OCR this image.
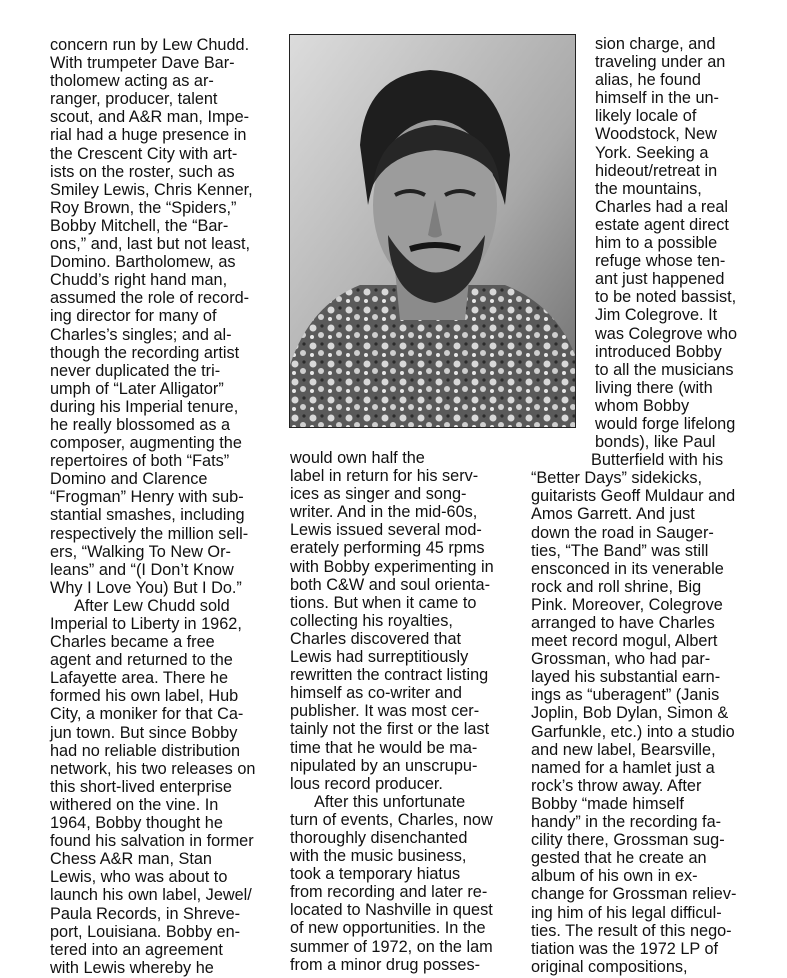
concern run by Lew Chudd.

With trumpeter Dave Bar-

tholomew acting as ar-

ranger, producer, talent

scout, and A&R man, Impe-

rial had a huge presence in

the Crescent City with art-

ists on the roster, such as

Smiley Lewis, Chris Kenner,

Roy Brown, the “Spiders,”

Bobby Mitchell, the “Bar-

ons,” and, last but not least,

Domino. Bartholomew, as

Chudd’s right hand man,

assumed the role of record-

ing director for many of

Charles’s singles; and al-

though the recording artist

never duplicated the tri-

umph of “Later Alligator”

during his Imperial tenure,

he really blossomed as a

composer, augmenting the

repertoires of both “Fats”

Domino and Clarence

“Frogman” Henry with sub-

stantial smashes, including

respectively the million sell-

ers, “Walking To New Or-

leans” and “(I Don’t Know

Why I Love You) But I Do.”

After Lew Chudd sold

Imperial to Liberty in 1962,

Charles became a free

agent and returned to the

Lafayette area. There he

formed his own label, Hub

City, a moniker for that Ca-

jun town. But since Bobby

had no reliable distribution

network, his two releases on

this short-lived enterprise

withered on the vine. In

1964, Bobby thought he

found his salvation in former

Chess A&R man, Stan

Lewis, who was about to

launch his own label, Jewel/

Paula Records, in Shreve-

port, Louisiana. Bobby en-

tered into an agreement

with Lewis whereby he

would own half the

label in return for his serv-

ices as singer and song-

writer. And in the mid-60s,

Lewis issued several mod-

erately performing 45 rpms

with Bobby experimenting in

both C&W and soul orienta-

tions. But when it came to

collecting his royalties,

Charles discovered that

Lewis had surreptitiously

rewritten the contract listing

himself as co-writer and

publisher. It was most cer-

tainly not the first or the last

time that he would be ma-

nipulated by an unscrupu-

lous record producer.

After this unfortunate

turn of events, Charles, now

thoroughly disenchanted

with the music business,

took a temporary hiatus

from recording and later re-

located to Nashville in quest

of new opportunities. In the

summer of 1972, on the lam

from a minor drug posses-

sion charge, and

traveling under an

alias, he found

himself in the un-

likely locale of

Woodstock, New

York. Seeking a

hideout/retreat in

the mountains,

Charles had a real

estate agent direct

him to a possible

refuge whose ten-

ant just happened

to be noted bassist,

Jim Colegrove. It

was Colegrove who

introduced Bobby

to all the musicians

living there (with

whom Bobby

would forge lifelong

bonds), like Paul

Butterfield with his

“Better Days” sidekicks,

guitarists Geoff Muldaur and

Amos Garrett. And just

down the road in Sauger-

ties, “The Band” was still

ensconced in its venerable

rock and roll shrine, Big

Pink. Moreover, Colegrove

arranged to have Charles

meet record mogul, Albert

Grossman, who had par-

layed his substantial earn-

ings as “uberagent” (Janis

Joplin, Bob Dylan, Simon &

Garfunkle, etc.) into a studio

and new label, Bearsville,

named for a hamlet just a

rock’s throw away. After

Bobby “made himself

handy” in the recording fa-

cility there, Grossman sug-

gested that he create an

album of his own in ex-

change for Grossman reliev-

ing him of his legal difficul-

ties. The result of this nego-

tiation was the 1972 LP of

original compositions,
